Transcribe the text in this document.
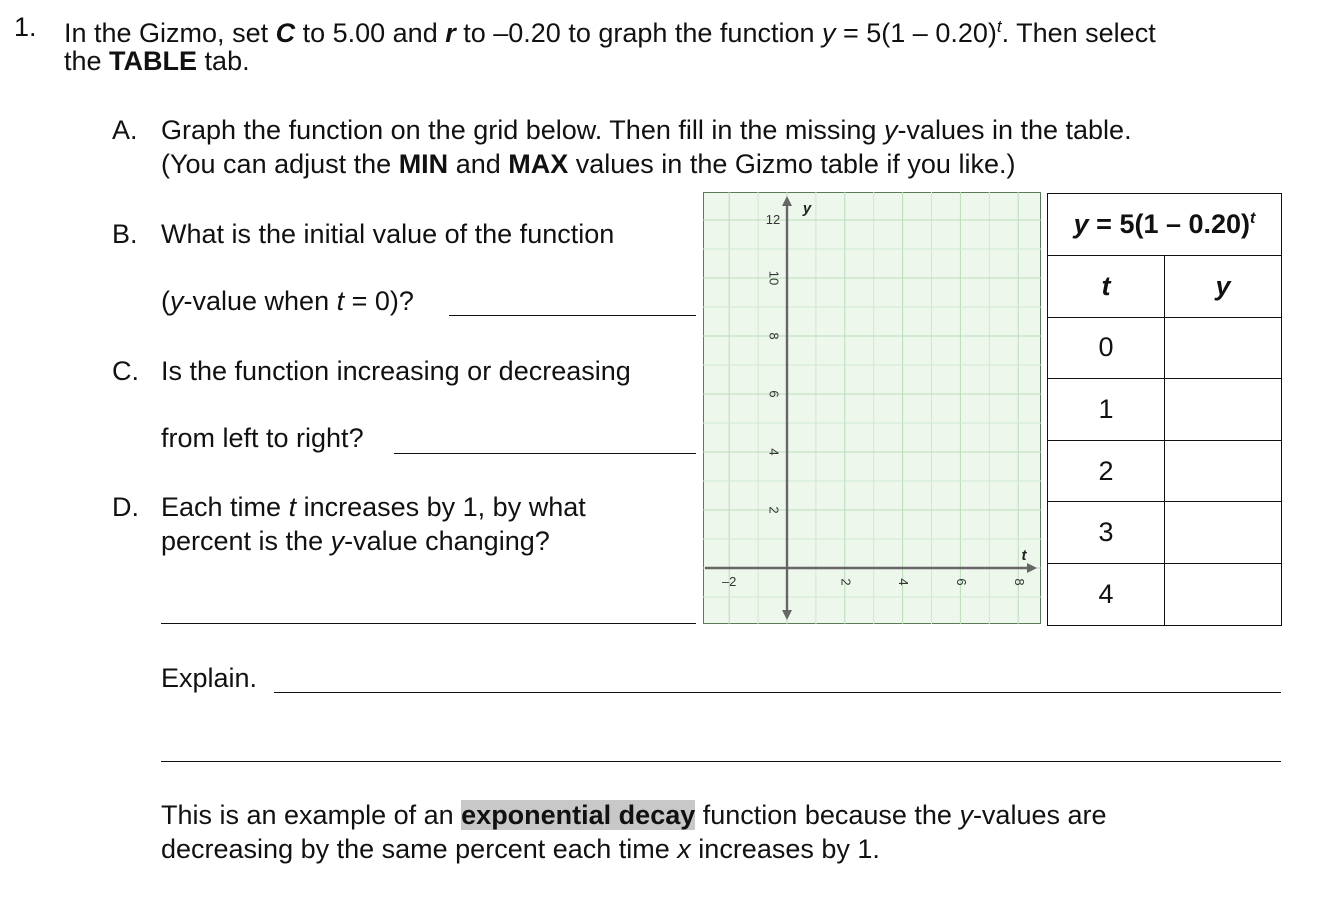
1. In the Gizmo, set C to 5.00 and r to –0.20 to graph the function y = 5(1 – 0.20)$^t$. Then select
the TABLE tab.
A. Graph the function on the grid below. Then fill in the missing y-values in the table.
(You can adjust the MIN and MAX values in the Gizmo table if you like.)
B. What is the initial value of the function
(y-value when t = 0)?
C. Is the function increasing or decreasing
from left to right?
D. Each time t increases by 1, by what
percent is the y-value changing?
Explain.
This is an example of an exponential decay function because the y-values are
decreasing by the same percent each time x increases by 1.
y
t
–2	2	4	6	8
12
10
8
6
4
2
y = 5(1 – 0.20)$^t$
t	y
0	
1	
2	
3	
4	
